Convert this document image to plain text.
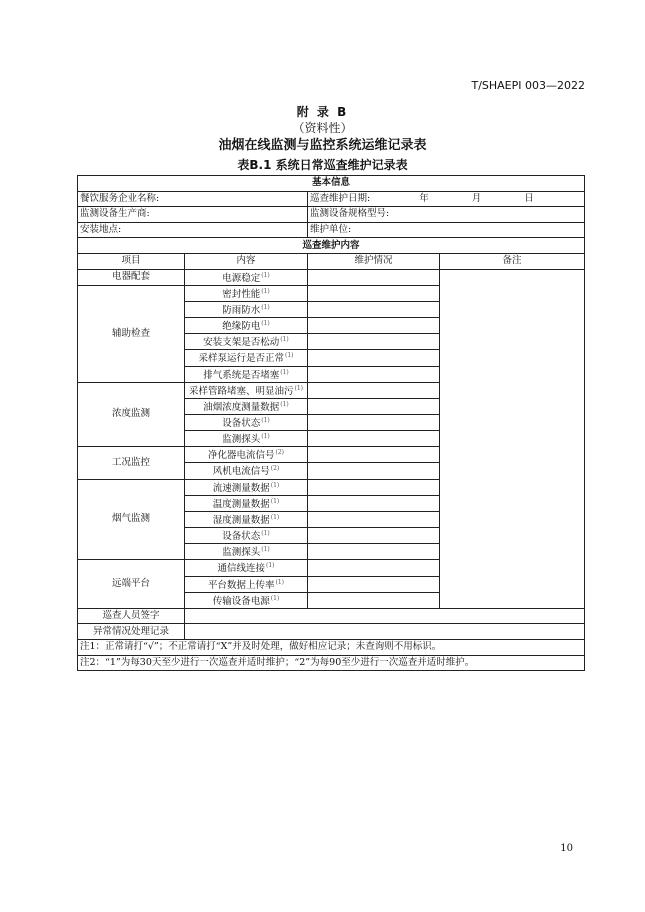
T/SHAEPI 003—2022
附 录 B
（资料性）
油烟在线监测与监控系统运维记录表
表B.1 系统日常巡查维护记录表
基本信息			
餐饮服务企业名称:		巡查维护日期: 年 月 日	
监测设备生产商:		监测设备规格型号:	
安装地点:		维护单位:	
巡查维护内容			
项目	内容	维护情况	备注
电器配套	电源稳定$^{(1)}$		
辅助检查	密封性能$^{(1)}$	
	防雨防水$^{(1)}$	
	绝缘防电$^{(1)}$	
	安装支架是否松动$^{(1)}$	
	采样泵运行是否正常$^{(1)}$	
	排气系统是否堵塞$^{(1)}$	
浓度监测	采样管路堵塞、明显油污$^{(1)}$	
	油烟浓度测量数据$^{(1)}$	
	设备状态$^{(1)}$	
	监测探头$^{(1)}$	
工况监控	净化器电流信号$^{(2)}$	
	风机电流信号$^{(2)}$	
烟气监测	流速测量数据$^{(1)}$	
	温度测量数据$^{(1)}$	
	湿度测量数据$^{(1)}$	
	设备状态$^{(1)}$	
	监测探头$^{(1)}$	
远端平台	通信线连接$^{(1)}$	
	平台数据上传率$^{(1)}$	
	传输设备电源$^{(1)}$	
巡查人员签字			
异常情况处理记录			
注1：正常请打“√”；不正常请打“X”并及时处理，做好相应记录；未查询则不用标识。			
注2：“1”为每30天至少进行一次巡查并适时维护；“2”为每90至少进行一次巡查并适时维护。			
10
